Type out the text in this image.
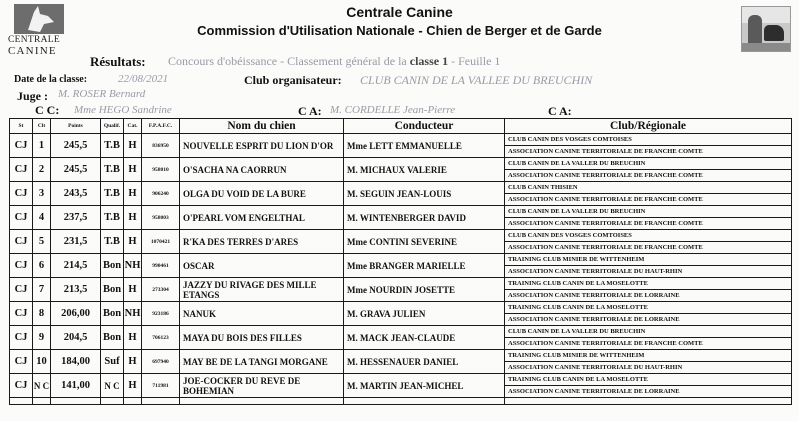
CENTRALE
CANINE
Centrale Canine
Commission d'Utilisation Nationale - Chien de Berger et de Garde
Résultats: Concours d'obéissance - Classement général de la classe 1 - Feuille 1
Date de la classe:	22/08/2021	Club organisateur: CLUB CANIN DE LA VALLEE DU BREUCHIN
Juge : M. ROSER Bernard
C C: Mme HEGO Sandrine	C A: M. CORDELLE Jean-Pierre	C A:
St	Clt	Points	Qualif.	Cat.	F.P.A.F.C.	Nom du chien	Conducteur	Club/Régionale
CJ	1	245,5	T.B	H	836950	NOUVELLE ESPRIT DU LION D'OR	Mme LETT EMMANUELLE	CLUB CANIN DES VOSGES COMTOISES
ASSOCIATION CANINE TERRITORIALE DE FRANCHE COMTE

CJ	2	245,5	T.B	H	958010	O'SACHA NA CAORRUN	M. MICHAUX VALERIE	CLUB CANIN DE LA VALLER DU BREUCHIN
ASSOCIATION CANINE TERRITORIALE DE FRANCHE COMTE

CJ	3	243,5	T.B	H	906240	OLGA DU VOID DE LA BURE	M. SEGUIN JEAN-LOUIS	CLUB CANIN THISIEN
ASSOCIATION CANINE TERRITORIALE DE FRANCHE COMTE

CJ	4	237,5	T.B	H	958003	O'PEARL VOM ENGELTHAL	M. WINTENBERGER DAVID	CLUB CANIN DE LA VALLER DU BREUCHIN
ASSOCIATION CANINE TERRITORIALE DE FRANCHE COMTE

CJ	5	231,5	T.B	H	1070421	R'KA DES TERRES D'ARES	Mme CONTINI SEVERINE	CLUB CANIN DES VOSGES COMTOISES
ASSOCIATION CANINE TERRITORIALE DE FRANCHE COMTE

CJ	6	214,5	Bon	NH	990461	OSCAR	Mme BRANGER MARIELLE	TRAINING CLUB MINIER DE WITTENHEIM
ASSOCIATION CANINE TERRITORIALE DU HAUT-RHIN

CJ	7	213,5	Bon	H	273304	JAZZY DU RIVAGE DES MILLE ETANGS	Mme NOURDIN JOSETTE	TRAINING CLUB CANIN DE LA MOSELOTTE
ASSOCIATION CANINE TERRITORIALE DE LORRAINE

CJ	8	206,00	Bon	NH	923186	NANUK	M. GRAVA JULIEN	TRAINING CLUB CANIN DE LA MOSELOTTE
ASSOCIATION CANINE TERRITORIALE DE LORRAINE

CJ	9	204,5	Bon	H	706123	MAYA DU BOIS DES FILLES	M. MACK JEAN-CLAUDE	CLUB CANIN DE LA VALLER DU BREUCHIN
ASSOCIATION CANINE TERRITORIALE DE FRANCHE COMTE

CJ	10	184,00	Suf	H	697940	MAY BE DE LA TANGI MORGANE	M. HESSENAUER DANIEL	TRAINING CLUB MINIER DE WITTENHEIM
ASSOCIATION CANINE TERRITORIALE DU HAUT-RHIN

CJ	N C	141,00	N C	H	711981	JOE-COCKER DU REVE DE BOHEMIAN	M. MARTIN JEAN-MICHEL	TRAINING CLUB CANIN DE LA MOSELOTTE
ASSOCIATION CANINE TERRITORIALE DE LORRAINE
